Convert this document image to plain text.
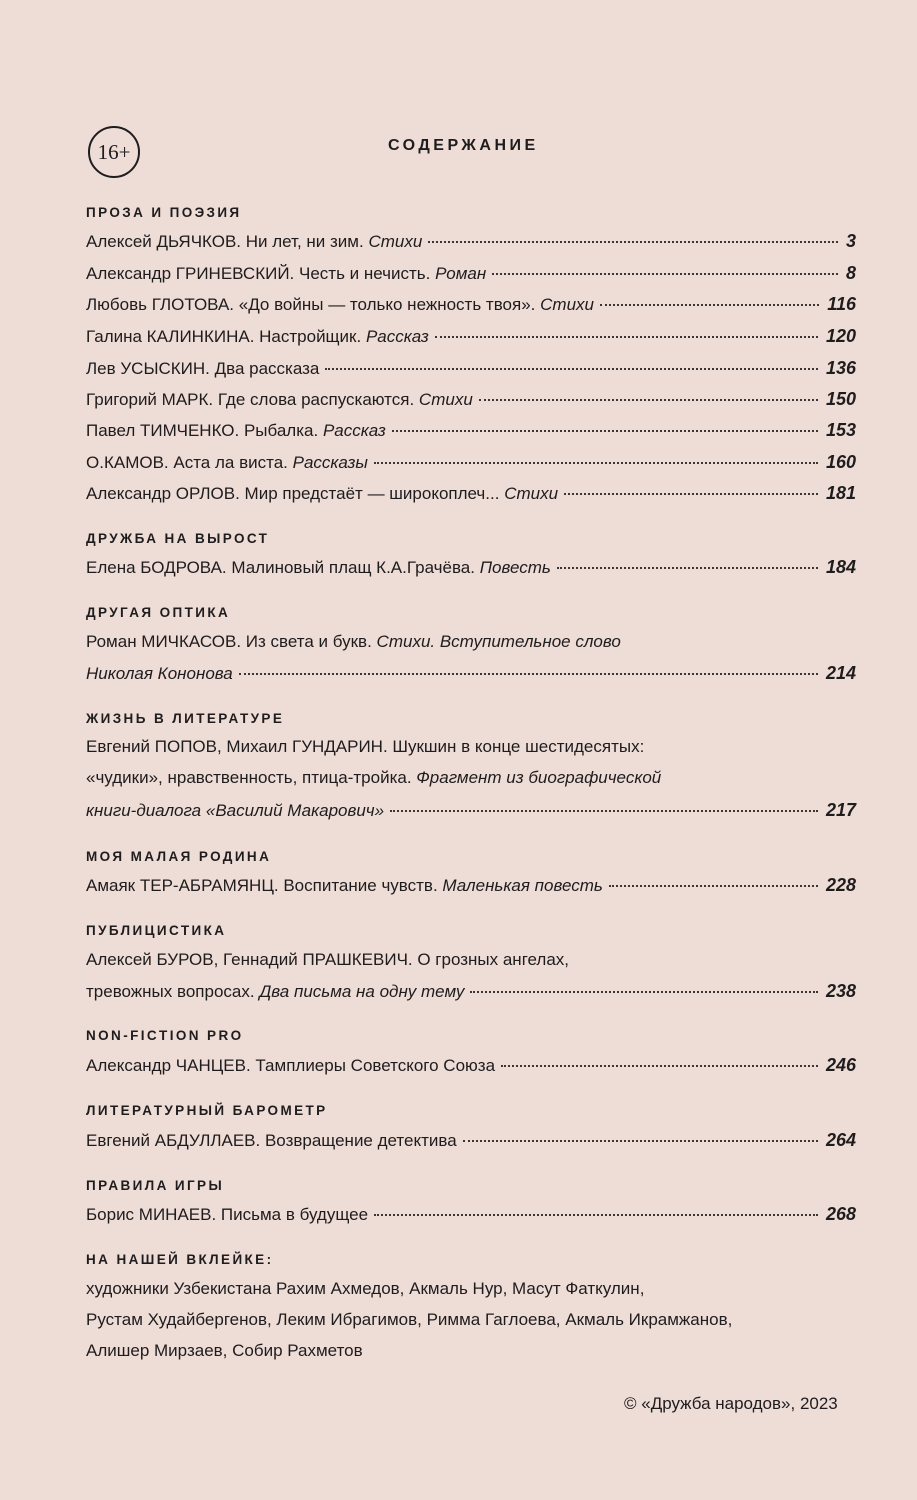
16+	СОДЕРЖАНИЕ
ПРОЗА И ПОЭЗИЯ
Алексей ДЬЯЧКОВ. Ни лет, ни зим.
Стихи	3
Александр ГРИНЕВСКИЙ. Честь и нечисть.
Роман	8
Любовь ГЛОТОВА. «До войны — только нежность твоя».
Стихи	116
Галина КАЛИНКИНА. Настройщик.
Рассказ	120
Лев УСЫСКИН. Два рассказа	136
Григорий МАРК. Где слова распускаются.
Стихи	150
Павел ТИМЧЕНКО. Рыбалка.
Рассказ	153
О.КАМОВ. Аста ла виста.
Рассказы	160
Александр ОРЛОВ. Мир предстаёт — широкоплеч...
Стихи	181
ДРУЖБА НА ВЫРОСТ
Елена БОДРОВА. Малиновый плащ К.А.Грачёва.
Повесть	184
ДРУГАЯ ОПТИКА
Роман МИЧКАСОВ. Из света и букв.
Стихи. Вступительное слово
Николая Кононова	214
ЖИЗНЬ В ЛИТЕРАТУРЕ
Евгений ПОПОВ, Михаил ГУНДАРИН. Шукшин в конце шестидесятых:
«чудики», нравственность, птица-тройка.
Фрагмент из биографической
книги-диалога «Василий Макарович»	217
МОЯ МАЛАЯ РОДИНА
Амаяк ТЕР-АБРАМЯНЦ. Воспитание чувств.
Маленькая повесть	228
ПУБЛИЦИСТИКА
Алексей БУРОВ, Геннадий ПРАШКЕВИЧ. О грозных ангелах,
тревожных вопросах.
Два письма на одну тему	238
NON-FICTION PRO
Александр ЧАНЦЕВ. Тамплиеры Советского Союза	246
ЛИТЕРАТУРНЫЙ БАРОМЕТР
Евгений АБДУЛЛАЕВ. Возвращение детектива	264
ПРАВИЛА ИГРЫ
Борис МИНАЕВ. Письма в будущее	268
НА НАШЕЙ ВКЛЕЙКЕ:
художники Узбекистана Рахим Ахмедов, Акмаль Нур, Масут Фаткулин,
Рустам Худайбергенов, Леким Ибрагимов, Римма Гаглоева, Акмаль Икрамжанов,
Алишер Мирзаев, Собир Рахметов
© «Дружба народов», 2023
